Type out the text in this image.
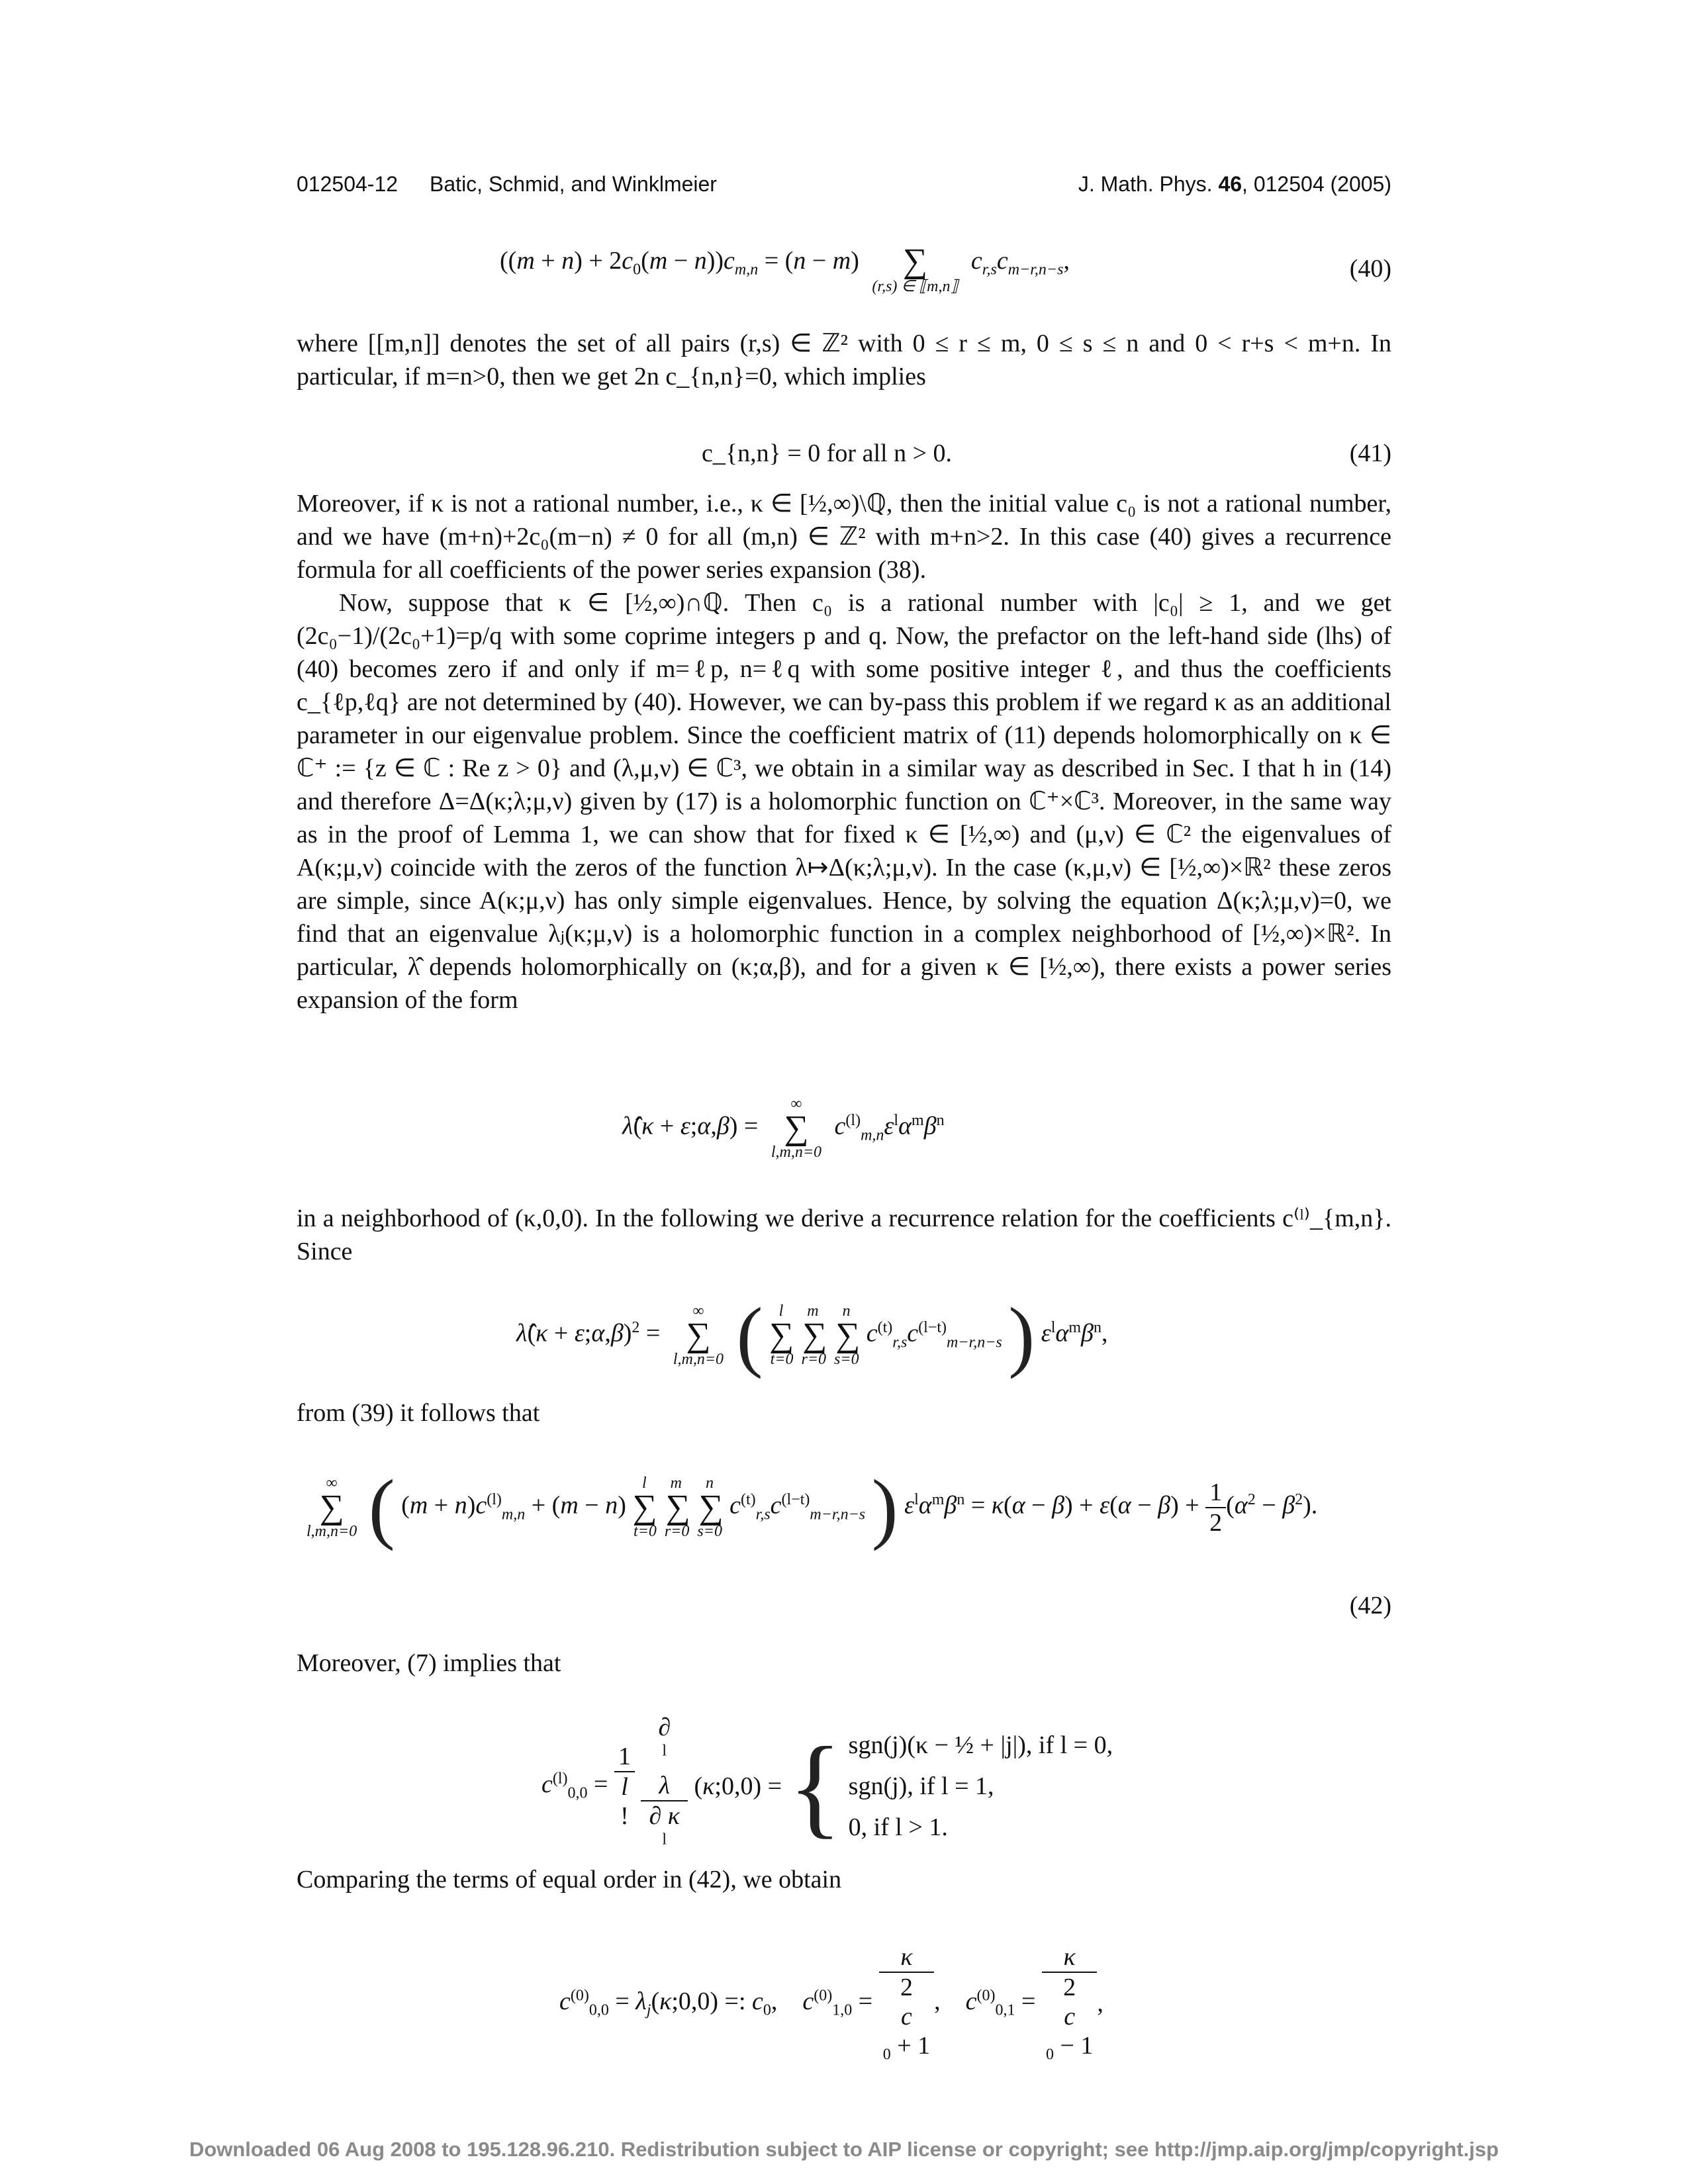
012504-12 Batic, Schmid, and Winklmeier	J. Math. Phys. 46, 012504 (2005)
$((m + n) + 2c_0(m - n))c_{m,n} = (n - m)$	∑
(r,s) ∈ ⟦m,n⟧
$c_{r,s}c_{m-r,n-s}$,	(40)

where [[m,n]] denotes the set of all pairs (r,s) ∈ ℤ² with 0 ≤ r ≤ m, 0 ≤ s ≤ n and 0 < r+s < m+n. In particular, if m=n>0, then we get 2n c_{n,n}=0, which implies

c_{n,n} = 0 for all n > 0.	(41)

Moreover, if κ is not a rational number, i.e., κ ∈ [½,∞)\ℚ, then the initial value c₀ is not a rational number, and we have (m+n)+2c₀(m−n) ≠ 0 for all (m,n) ∈ ℤ² with m+n>2. In this case (40) gives a recurrence formula for all coefficients of the power series expansion (38).

Now, suppose that κ ∈ [½,∞)∩ℚ. Then c₀ is a rational number with |c₀| ≥ 1, and we get (2c₀−1)/(2c₀+1)=p/q with some coprime integers p and q. Now, the prefactor on the left-hand side (lhs) of (40) becomes zero if and only if m=ℓp, n=ℓq with some positive integer ℓ, and thus the coefficients c_{ℓp,ℓq} are not determined by (40). However, we can by-pass this problem if we regard κ as an additional parameter in our eigenvalue problem. Since the coefficient matrix of (11) depends holomorphically on κ ∈ ℂ⁺ := {z ∈ ℂ : Re z > 0} and (λ,μ,ν) ∈ ℂ³, we obtain in a similar way as described in Sec. I that h in (14) and therefore Δ=Δ(κ;λ;μ,ν) given by (17) is a holomorphic function on ℂ⁺×ℂ³. Moreover, in the same way as in the proof of Lemma 1, we can show that for fixed κ ∈ [½,∞) and (μ,ν) ∈ ℂ² the eigenvalues of A(κ;μ,ν) coincide with the zeros of the function λ↦Δ(κ;λ;μ,ν). In the case (κ,μ,ν) ∈ [½,∞)×ℝ² these zeros are simple, since A(κ;μ,ν) has only simple eigenvalues. Hence, by solving the equation Δ(κ;λ;μ,ν)=0, we find that an eigenvalue λⱼ(κ;μ,ν) is a holomorphic function in a complex neighborhood of [½,∞)×ℝ². In particular, λ̂ depends holomorphically on (κ;α,β), and for a given κ ∈ [½,∞), there exists a power series expansion of the form

λ̂(κ + ε;α,β) =
∞
∑
l,m,n=0
$c^{(l)}_{m,n}\varepsilon^l\alpha^m\beta^n$

in a neighborhood of (κ,0,0). In the following we derive a recurrence relation for the coefficients c⁽ˡ⁾_{m,n}. Since

λ̂(κ + ε;α,β)$^2$ =
∞
∑
l,m,n=0 (	l      m      n
∑ ∑ ∑
t=0  r=0  s=0
$c^{(t)}_{r,s}c^{(l-t)}_{m-r,n-s}$ ) $\varepsilon^l\alpha^m\beta^n$,

from (39) it follows that

∞
∑
l,m,n=0 ( $(m + n)c^{(l)}_{m,n} + (m - n)$
l      m      n
∑ ∑ ∑
t=0  r=0  s=0
$c^{(t)}_{r,s}c^{(l-t)}_{m-r,n-s}$ ) $\varepsilon^l\alpha^m\beta^n = \kappa(\alpha - \beta) + \varepsilon(\alpha - \beta) + \frac{1}{2} (\alpha^2 - \beta^2)$.
(42)

Moreover, (7) implies that

$c^{(l)}_{0,0}$ =
1
l
! ∂
$^l$
λ
∂ κ
$^l$ (κ;0,0) = { sgn(j)(κ − ½ + |j|), if l = 0,
sgn(j), if l = 1,
0, if l > 1.

Comparing the terms of equal order in (42), we obtain

$c^{(0)}_{0,0}$ = $\lambda_j(\kappa;0,0)$ =: $c_0$,    $c^{(0)}_{1,0} = \kappa$
2
c
$_0$ + 1 ,    $c^{(0)}_{0,1} = \kappa$
2
c
$_0$ − 1 ,
Downloaded 06 Aug 2008 to 195.128.96.210. Redistribution subject to AIP license or copyright; see http://jmp.aip.org/jmp/copyright.jsp
